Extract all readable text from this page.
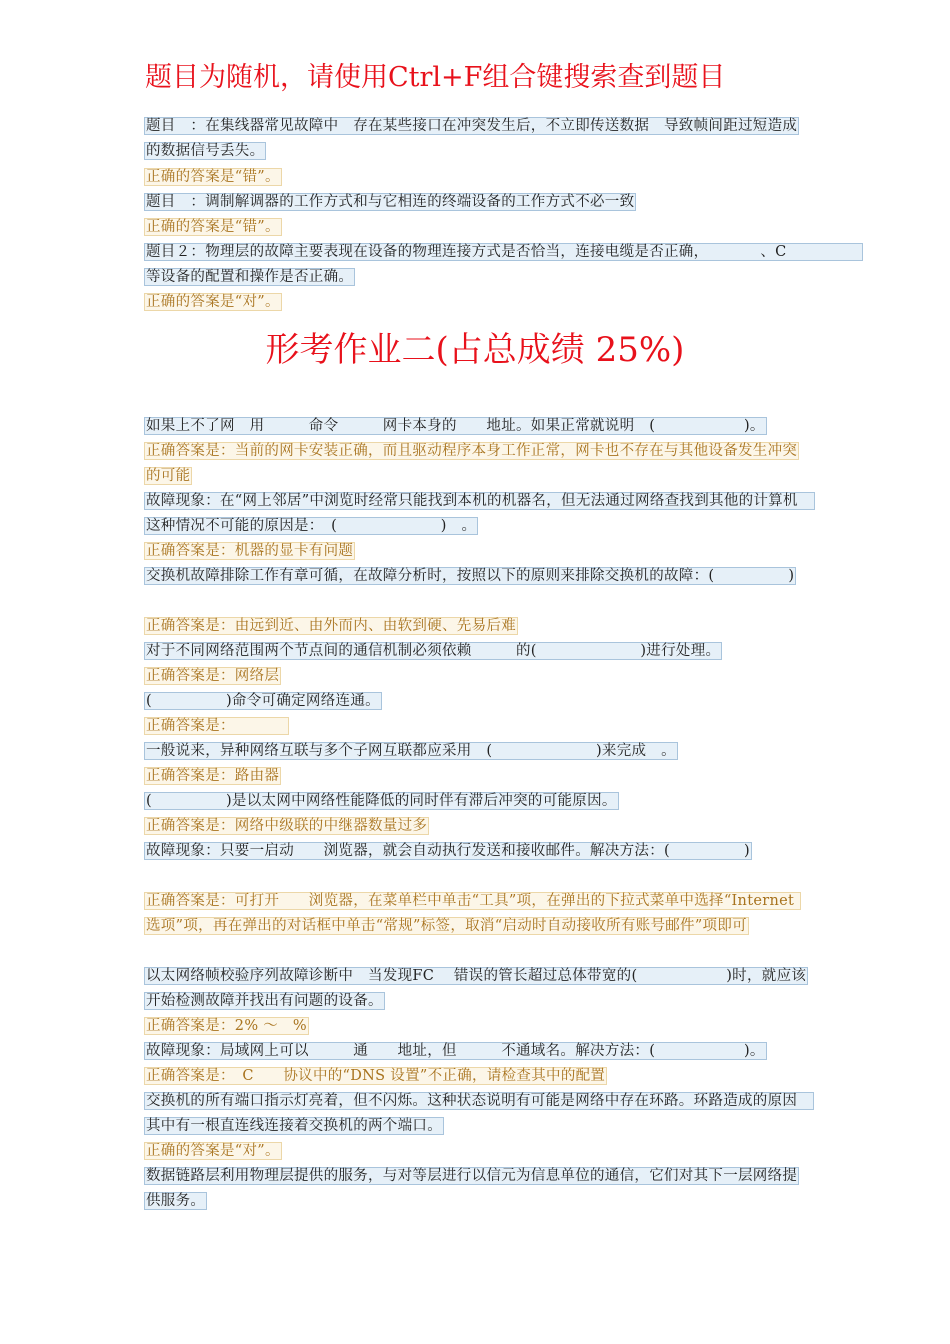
题目为随机，请使用Ctrl+F组合键搜索查到题目
题目　：在集线器常见故障中　存在某些接口在冲突发生后，不立即传送数据　导致帧间距过短造成的数据信号丢失。
正确的答案是“错”。
题目　：调制解调器的工作方式和与它相连的终端设备的工作方式不必一致
正确的答案是“错”。
题目２：物理层的故障主要表现在设备的物理连接方式是否恰当，连接电缆是否正确，　　　　、C　　　　　等设备的配置和操作是否正确。
正确的答案是“对”。
形考作业二(占总成绩 25%)
如果上不了网　用　　　命令　　　网卡本身的　　地址。如果正常就说明　(　　　　　　)。
正确答案是：当前的网卡安装正确，而且驱动程序本身工作正常，网卡也不存在与其他设备发生冲突的可能
故障现象：在“网上邻居”中浏览时经常只能找到本机的机器名，但无法通过网络查找到其他的计算机　这种情况不可能的原因是：　(　　　　　　　)　。
正确答案是：机器的显卡有问题
交换机故障排除工作有章可循，在故障分析时，按照以下的原则来排除交换机的故障：(　　　　　)
正确答案是：由远到近、由外而内、由软到硬、先易后难
对于不同网络范围两个节点间的通信机制必须依赖　　　的(　　　　　　　)进行处理。
正确答案是：网络层
(　　　　　)命令可确定网络连通。
正确答案是：　　　　
一般说来，异种网络互联与多个子网互联都应采用　(　　　　　　　)来完成　。
正确答案是：路由器
(　　　　　)是以太网中网络性能降低的同时伴有滞后冲突的可能原因。
正确答案是：网络中级联的中继器数量过多
故障现象：只要一启动　　浏览器，就会自动执行发送和接收邮件。解决方法：(　　　　　)
正确答案是：可打开　　浏览器，在菜单栏中单击“工具”项，在弹出的下拉式菜单中选择“Internet 选项”项，再在弹出的对话框中单击“常规”标签，取消“启动时自动接收所有账号邮件”项即可
以太网络帧校验序列故障诊断中　当发现FC　 错误的管长超过总体带宽的(　　　　　　)时，就应该开始检测故障并找出有问题的设备。
正确答案是：2% ～　%
故障现象：局域网上可以　　　通　　地址，但　　　不通域名。解决方法：(　　　　　　)。
正确答案是：　C　　协议中的“DNS 设置”不正确，请检查其中的配置
交换机的所有端口指示灯亮着，但不闪烁。这种状态说明有可能是网络中存在环路。环路造成的原因　其中有一根直连线连接着交换机的两个端口。
正确的答案是“对”。
数据链路层利用物理层提供的服务，与对等层进行以信元为信息单位的通信，它们对其下一层网络提供服务。
